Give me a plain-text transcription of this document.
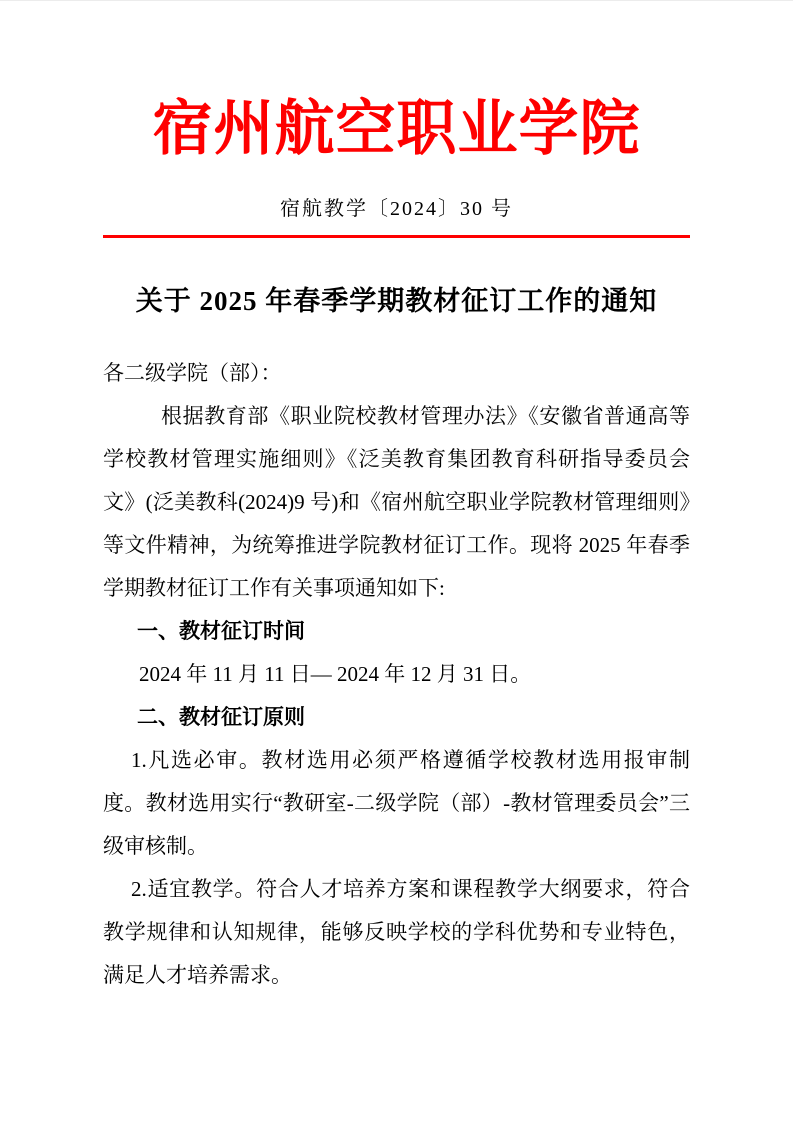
宿州航空职业学院
宿航教学〔2024〕30 号
关于 2025 年春季学期教材征订工作的通知

各二级学院（部）：

根据教育部《职业院校教材管理办法》《安徽省普通高等学校教材管理实施细则》《泛美教育集团教育科研指导委员会文》(泛美教科(2024)9 号)和《宿州航空职业学院教材管理细则》等文件精神，为统筹推进学院教材征订工作。现将 2025 年春季学期教材征订工作有关事项通知如下:

一、教材征订时间

2024 年 11 月 11 日— 2024 年 12 月 31 日。

二、教材征订原则

1.凡选必审。教材选用必须严格遵循学校教材选用报审制度。教材选用实行“教研室-二级学院（部）-教材管理委员会”三级审核制。

2.适宜教学。符合人才培养方案和课程教学大纲要求，符合教学规律和认知规律，能够反映学校的学科优势和专业特色，满足人才培养需求。
